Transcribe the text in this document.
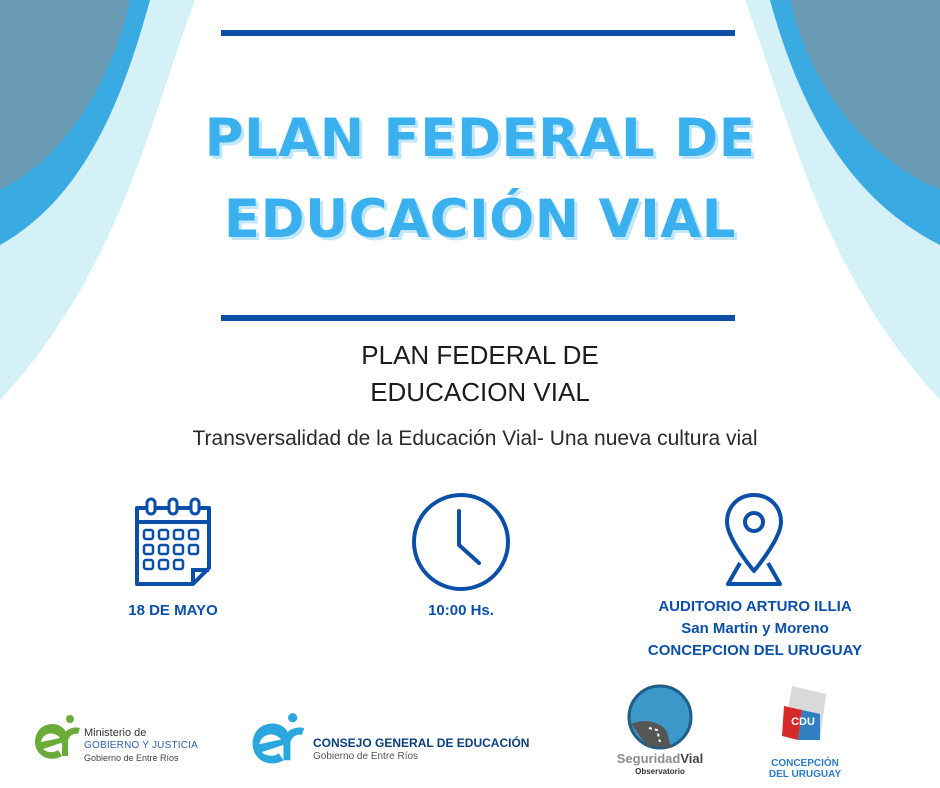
PLAN FEDERAL DE
EDUCACIÓN VIAL
PLAN FEDERAL DE
EDUCACION VIAL
Transversalidad de la Educación Vial- Una nueva cultura vial
18 DE MAYO	10:00 Hs.	AUDITORIO ARTURO ILLIA
San Martin y Moreno
CONCEPCION DEL URUGUAY
Ministerio de
GOBIERNO Y JUSTICIA
Gobierno de Entre Ríos
CONSEJO GENERAL DE EDUCACIÓN
Gobierno de Entre Ríos	SeguridadVial
Observatorio
CDU
CONCEPCIÓN
DEL URUGUAY
